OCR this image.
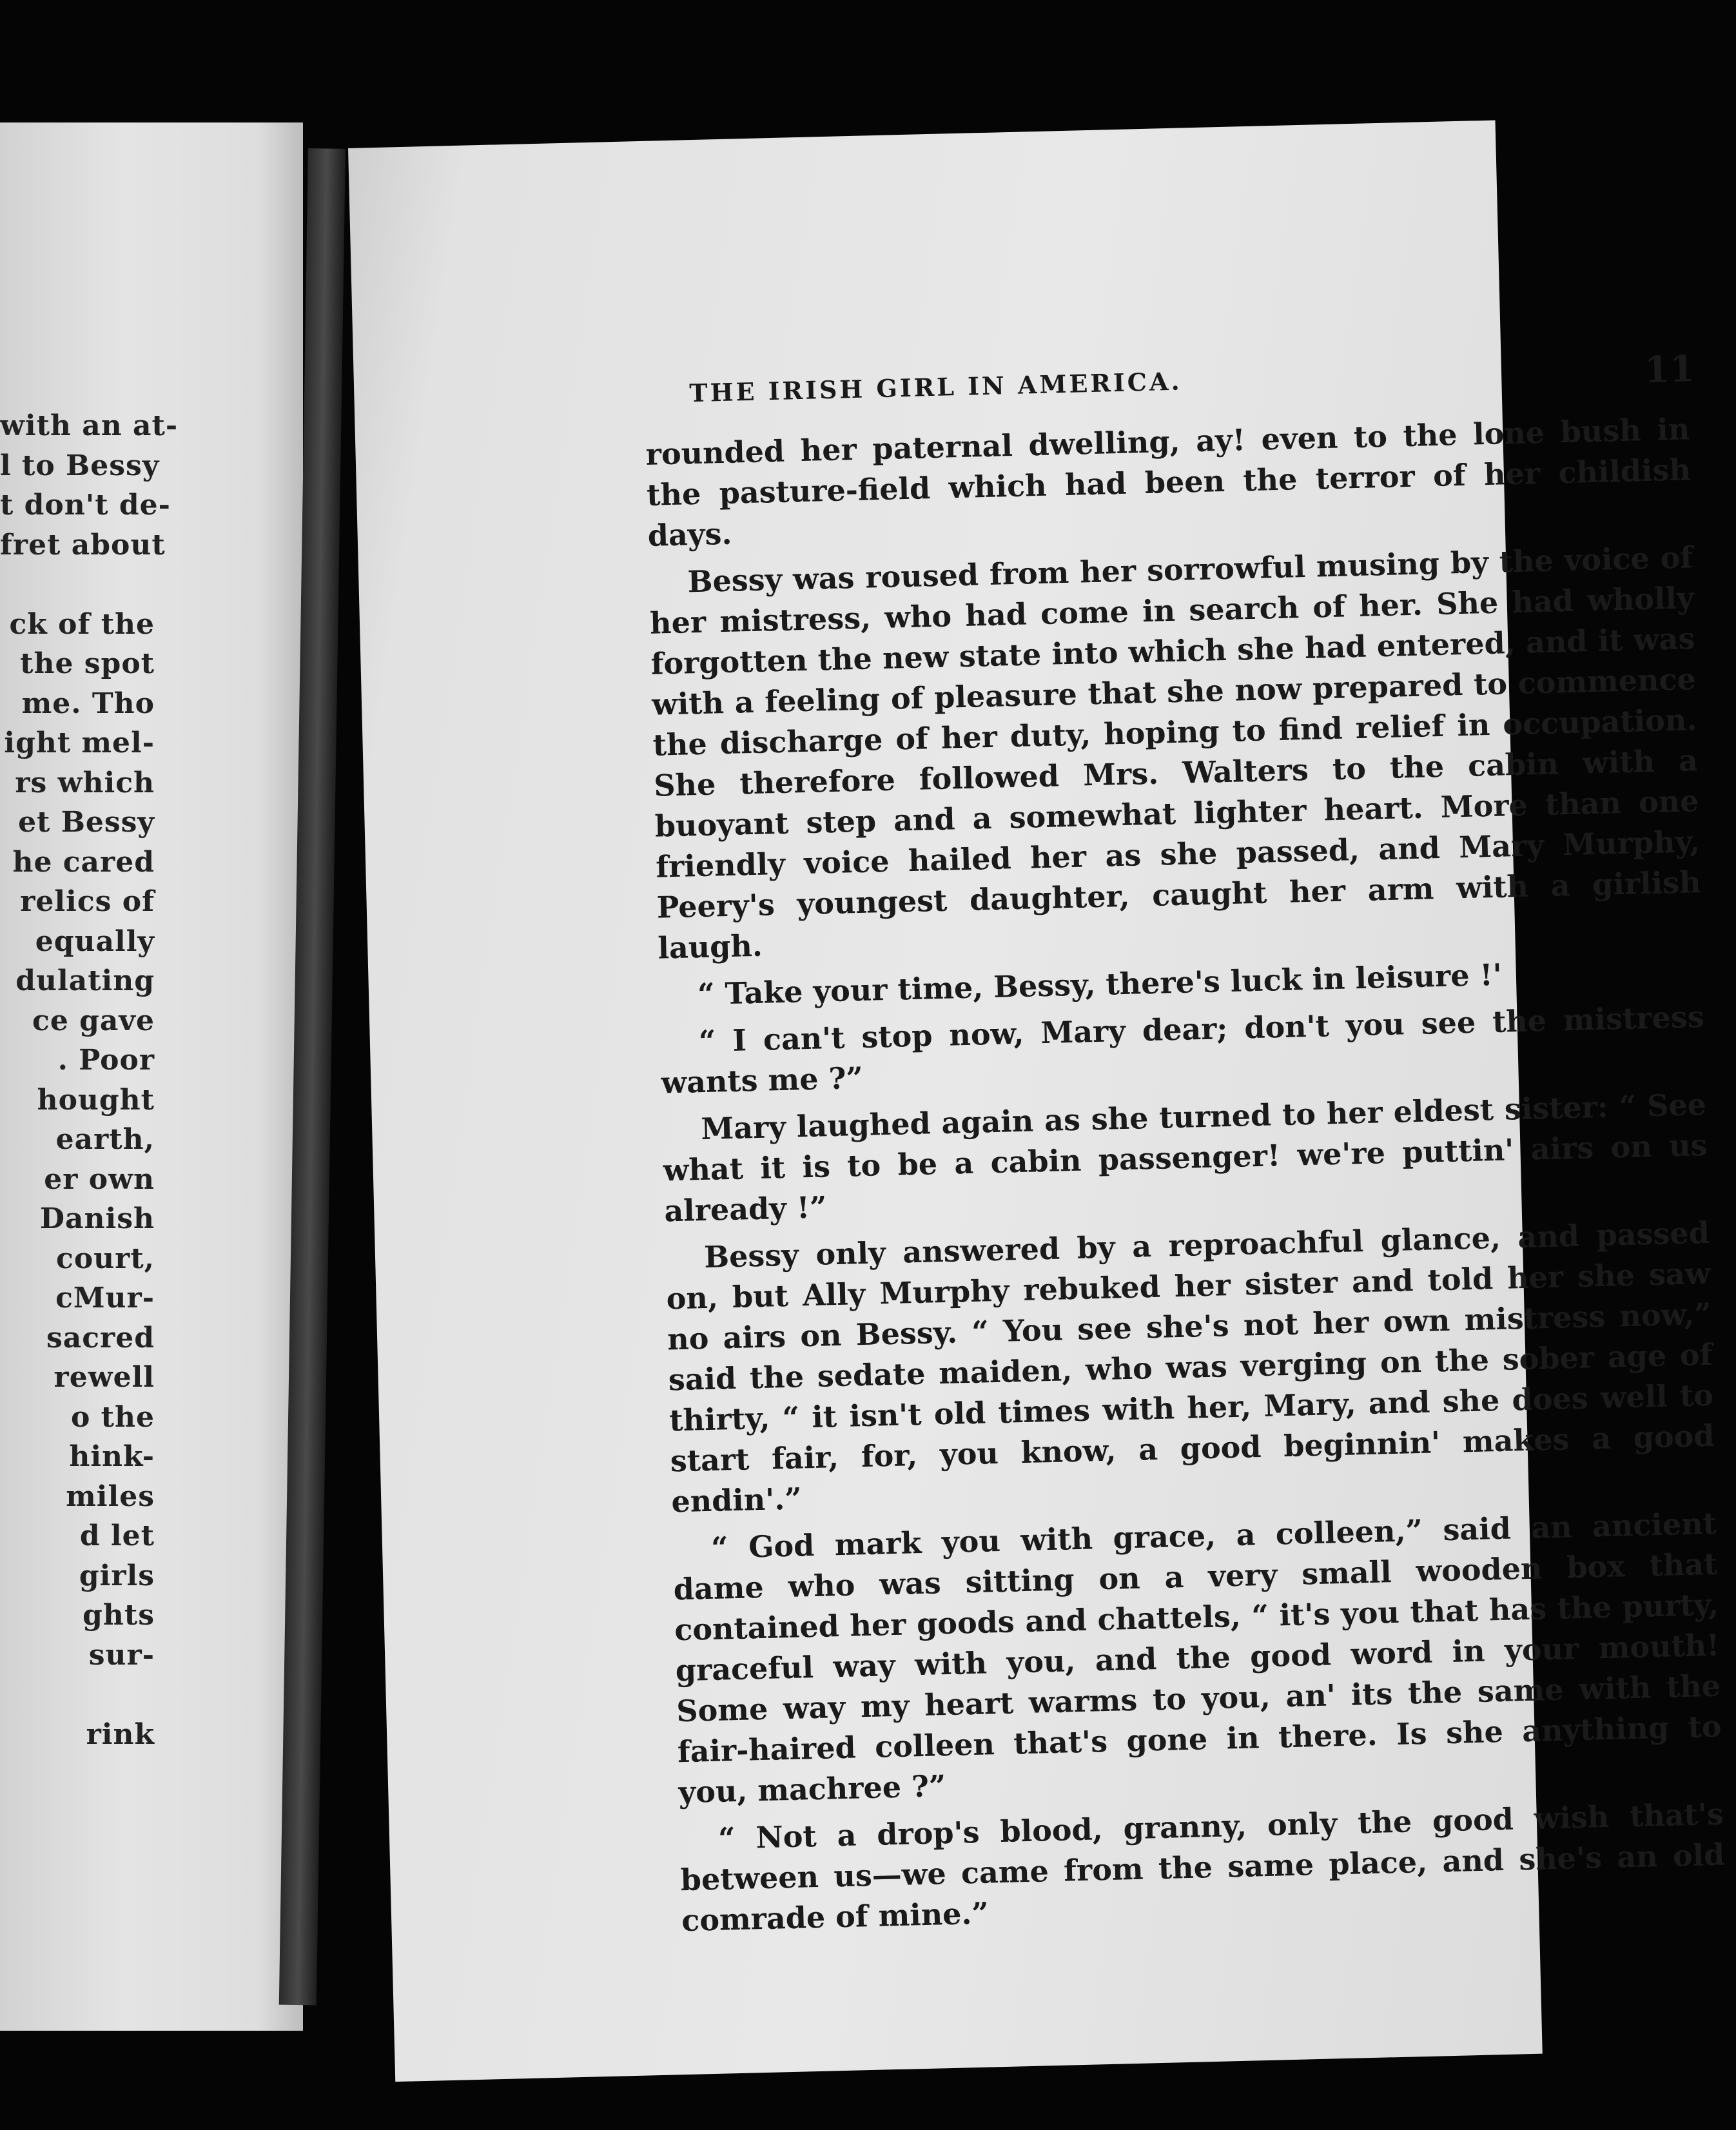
with an at-
l to Bessy
t don't de-
fret about
ck of the
the spot
me. Tho
ight mel-
rs which
et Bessy
he cared
relics of
equally
dulating
ce gave
. Poor
hought
earth,
er own
Danish
court,
cMur-
sacred
rewell
o the
hink-
miles
d let
girls
ghts
sur-
rink
THE IRISH GIRL IN AMERICA.	11

rounded her paternal dwelling, ay! even to the lone bush in the pasture-field which had been the terror of her childish days.

Bessy was roused from her sorrowful musing by the voice of her mistress, who had come in search of her. She had wholly forgotten the new state into which she had entered, and it was with a feeling of pleasure that she now prepared to commence the discharge of her duty, hoping to find relief in occupation. She therefore followed Mrs. Walters to the cabin with a buoyant step and a somewhat lighter heart. More than one friendly voice hailed her as she passed, and Mary Murphy, Peery's youngest daughter, caught her arm with a girlish laugh.

“ Take your time, Bessy, there's luck in leisure !'

“ I can't stop now, Mary dear; don't you see the mistress wants me ?”

Mary laughed again as she turned to her eldest sister: “ See what it is to be a cabin passenger! we're puttin' airs on us already !”

Bessy only answered by a reproachful glance, and passed on, but Ally Murphy rebuked her sister and told her she saw no airs on Bessy. “ You see she's not her own mistress now,” said the sedate maiden, who was verging on the sober age of thirty, “ it isn't old times with her, Mary, and she does well to start fair, for, you know, a good beginnin' makes a good endin'.”

“ God mark you with grace, a colleen,” said an ancient dame who was sitting on a very small wooden box that contained her goods and chattels, “ it's you that has the purty, graceful way with you, and the good word in your mouth! Some way my heart warms to you, an' its the same with the fair-haired colleen that's gone in there. Is she anything to you, machree ?”

“ Not a drop's blood, granny, only the good wish that's between us—we came from the same place, and she's an old comrade of mine.”
